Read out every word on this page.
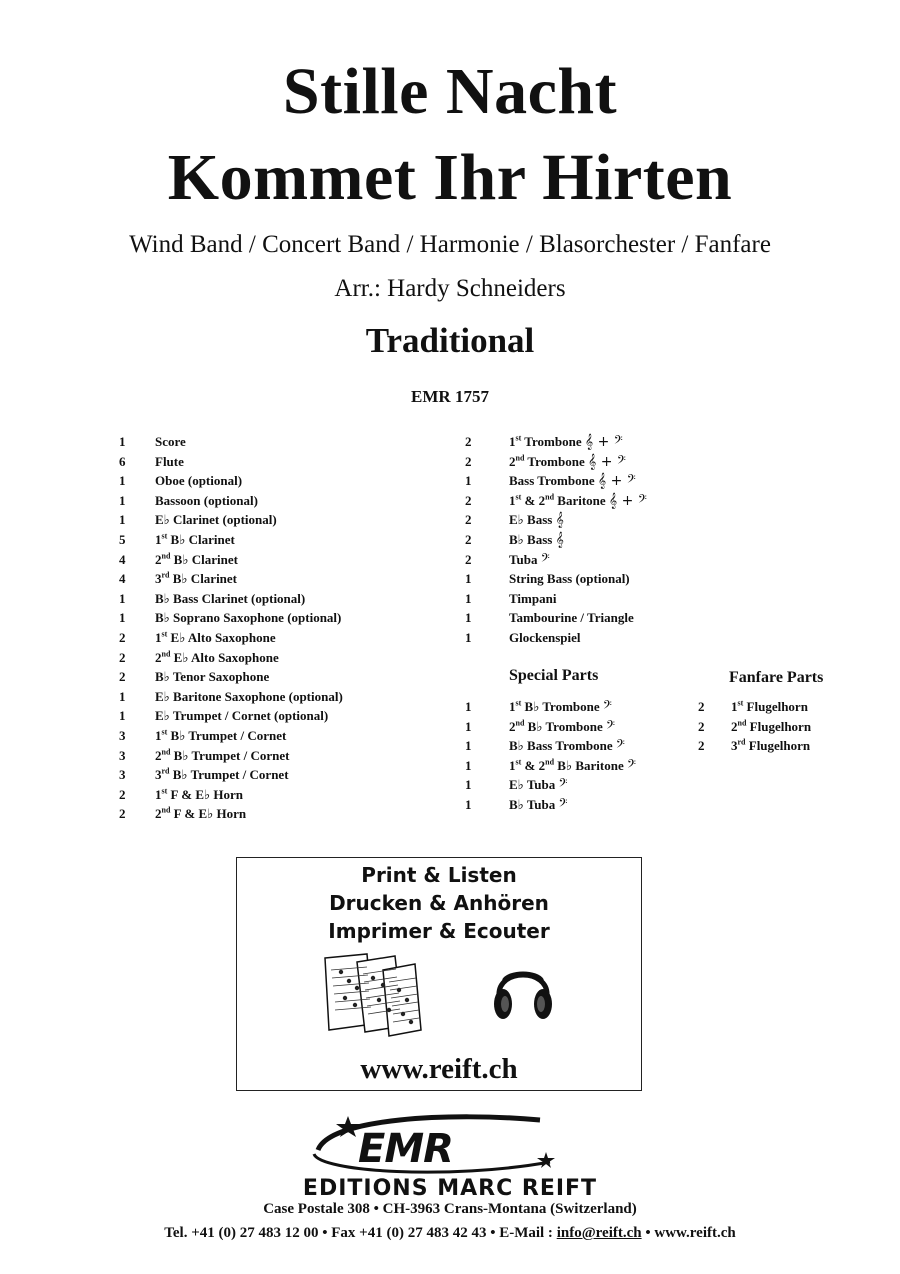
Stille Nacht
Kommet Ihr Hirten
Wind Band / Concert Band / Harmonie / Blasorchester / Fanfare
Arr.: Hardy Schneiders
Traditional
EMR 1757
1	Score
6	Flute
1	Oboe (optional)
1	Bassoon (optional)
1	E♭ Clarinet (optional)
5	1st B♭ Clarinet
4	2nd B♭ Clarinet
4	3rd B♭ Clarinet
1	B♭ Bass Clarinet (optional)
1	B♭ Soprano Saxophone (optional)
2	1st E♭ Alto Saxophone
2	2nd E♭ Alto Saxophone
2	B♭ Tenor Saxophone
1	E♭ Baritone Saxophone (optional)
1	E♭ Trumpet / Cornet (optional)
3	1st B♭ Trumpet / Cornet
3	2nd B♭ Trumpet / Cornet
3	3rd B♭ Trumpet / Cornet
2	1st F & E♭ Horn
2	2nd F & E♭ Horn
2	1st Trombone 𝄞 + 𝄢
2	2nd Trombone 𝄞 + 𝄢
1	Bass Trombone 𝄞 + 𝄢
2	1st & 2nd Baritone 𝄞 + 𝄢
2	E♭ Bass 𝄞
2	B♭ Bass 𝄞
2	Tuba 𝄢
1	String Bass (optional)
1	Timpani
1	Tambourine / Triangle
1	Glockenspiel
Special Parts
1	1st B♭ Trombone 𝄢
1	2nd B♭ Trombone 𝄢
1	B♭ Bass Trombone 𝄢
1	1st & 2nd B♭ Baritone 𝄢
1	E♭ Tuba 𝄢
1	B♭ Tuba 𝄢
Fanfare Parts
2	1st Flugelhorn
2	2nd Flugelhorn
2	3rd Flugelhorn
Print & Listen
Drucken & Anhören
Imprimer & Ecouter
www.reift.ch
EMR
EDITIONS MARC REIFT
Case Postale 308 • CH-3963 Crans-Montana (Switzerland)
Tel. +41 (0) 27 483 12 00 • Fax +41 (0) 27 483 42 43 • E-Mail : info@reift.ch • www.reift.ch
